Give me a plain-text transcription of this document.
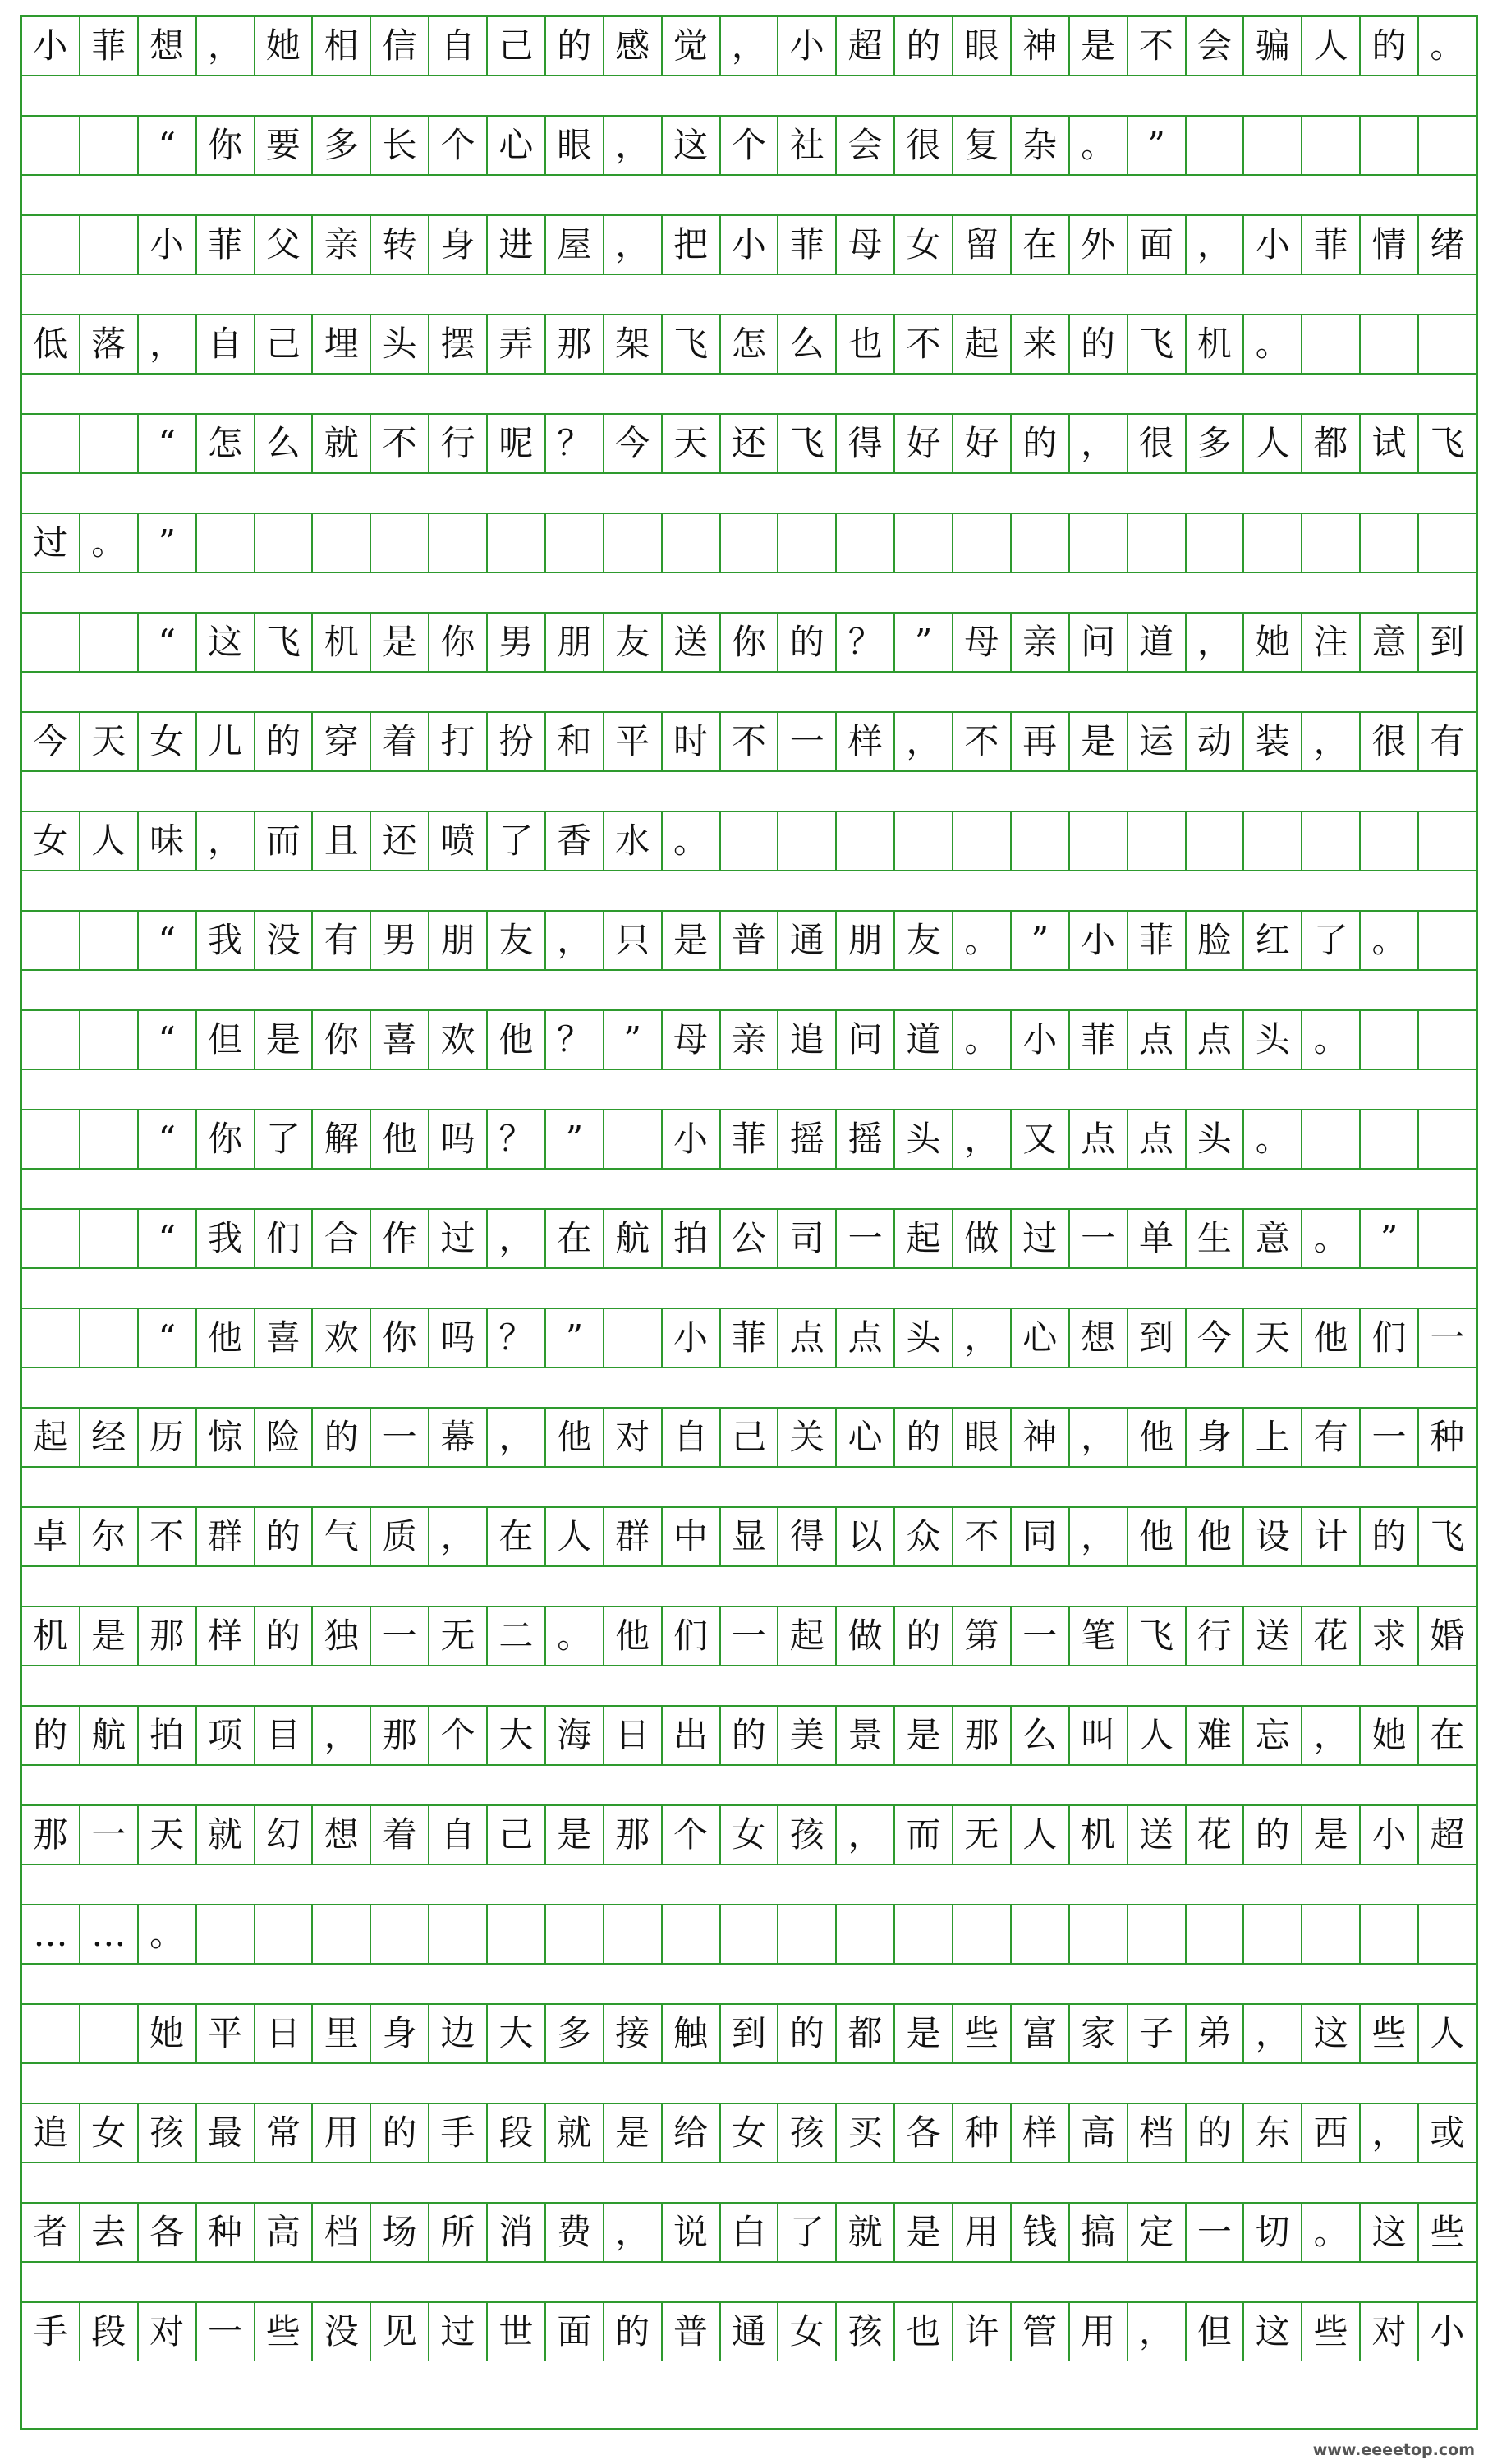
小 菲 想 ， 她 相 信 自 己 的 感 觉 ， 小 超 的 眼 神 是 不 会 骗 人 的 。
“ 你 要 多 长 个 心 眼 ， 这 个 社 会 很 复 杂 。 ”
小 菲 父 亲 转 身 进 屋 ， 把 小 菲 母 女 留 在 外 面 ， 小 菲 情 绪
低 落 ， 自 己 埋 头 摆 弄 那 架 飞 怎 么 也 不 起 来 的 飞 机 。
“ 怎 么 就 不 行 呢 ？ 今 天 还 飞 得 好 好 的 ， 很 多 人 都 试 飞
过 。 ”
“ 这 飞 机 是 你 男 朋 友 送 你 的 ？ ” 母 亲 问 道 ， 她 注 意 到
今 天 女 儿 的 穿 着 打 扮 和 平 时 不 一 样 ， 不 再 是 运 动 装 ， 很 有
女 人 味 ， 而 且 还 喷 了 香 水 。
“ 我 没 有 男 朋 友 ， 只 是 普 通 朋 友 。 ” 小 菲 脸 红 了 。
“ 但 是 你 喜 欢 他 ？ ” 母 亲 追 问 道 。 小 菲 点 点 头 。
“ 你 了 解 他 吗 ？ ”	小 菲 摇 摇 头 ， 又 点 点 头 。
“ 我 们 合 作 过 ， 在 航 拍 公 司 一 起 做 过 一 单 生 意 。 ”
“ 他 喜 欢 你 吗 ？ ”	小 菲 点 点 头 ， 心 想 到 今 天 他 们 一
起 经 历 惊 险 的 一 幕 ， 他 对 自 己 关 心 的 眼 神 ， 他 身 上 有 一 种
卓 尔 不 群 的 气 质 ， 在 人 群 中 显 得 以 众 不 同 ， 他 他 设 计 的 飞
机 是 那 样 的 独 一 无 二 。 他 们 一 起 做 的 第 一 笔 飞 行 送 花 求 婚
的 航 拍 项 目 ， 那 个 大 海 日 出 的 美 景 是 那 么 叫 人 难 忘 ， 她 在
那 一 天 就 幻 想 着 自 己 是 那 个 女 孩 ， 而 无 人 机 送 花 的 是 小 超
… … 。
她 平 日 里 身 边 大 多 接 触 到 的 都 是 些 富 家 子 弟 ， 这 些 人
追 女 孩 最 常 用 的 手 段 就 是 给 女 孩 买 各 种 样 高 档 的 东 西 ， 或
者 去 各 种 高 档 场 所 消 费 ， 说 白 了 就 是 用 钱 搞 定 一 切 。 这 些
手 段 对 一 些 没 见 过 世 面 的 普 通 女 孩 也 许 管 用 ， 但 这 些 对 小
www.eeeetop.com
